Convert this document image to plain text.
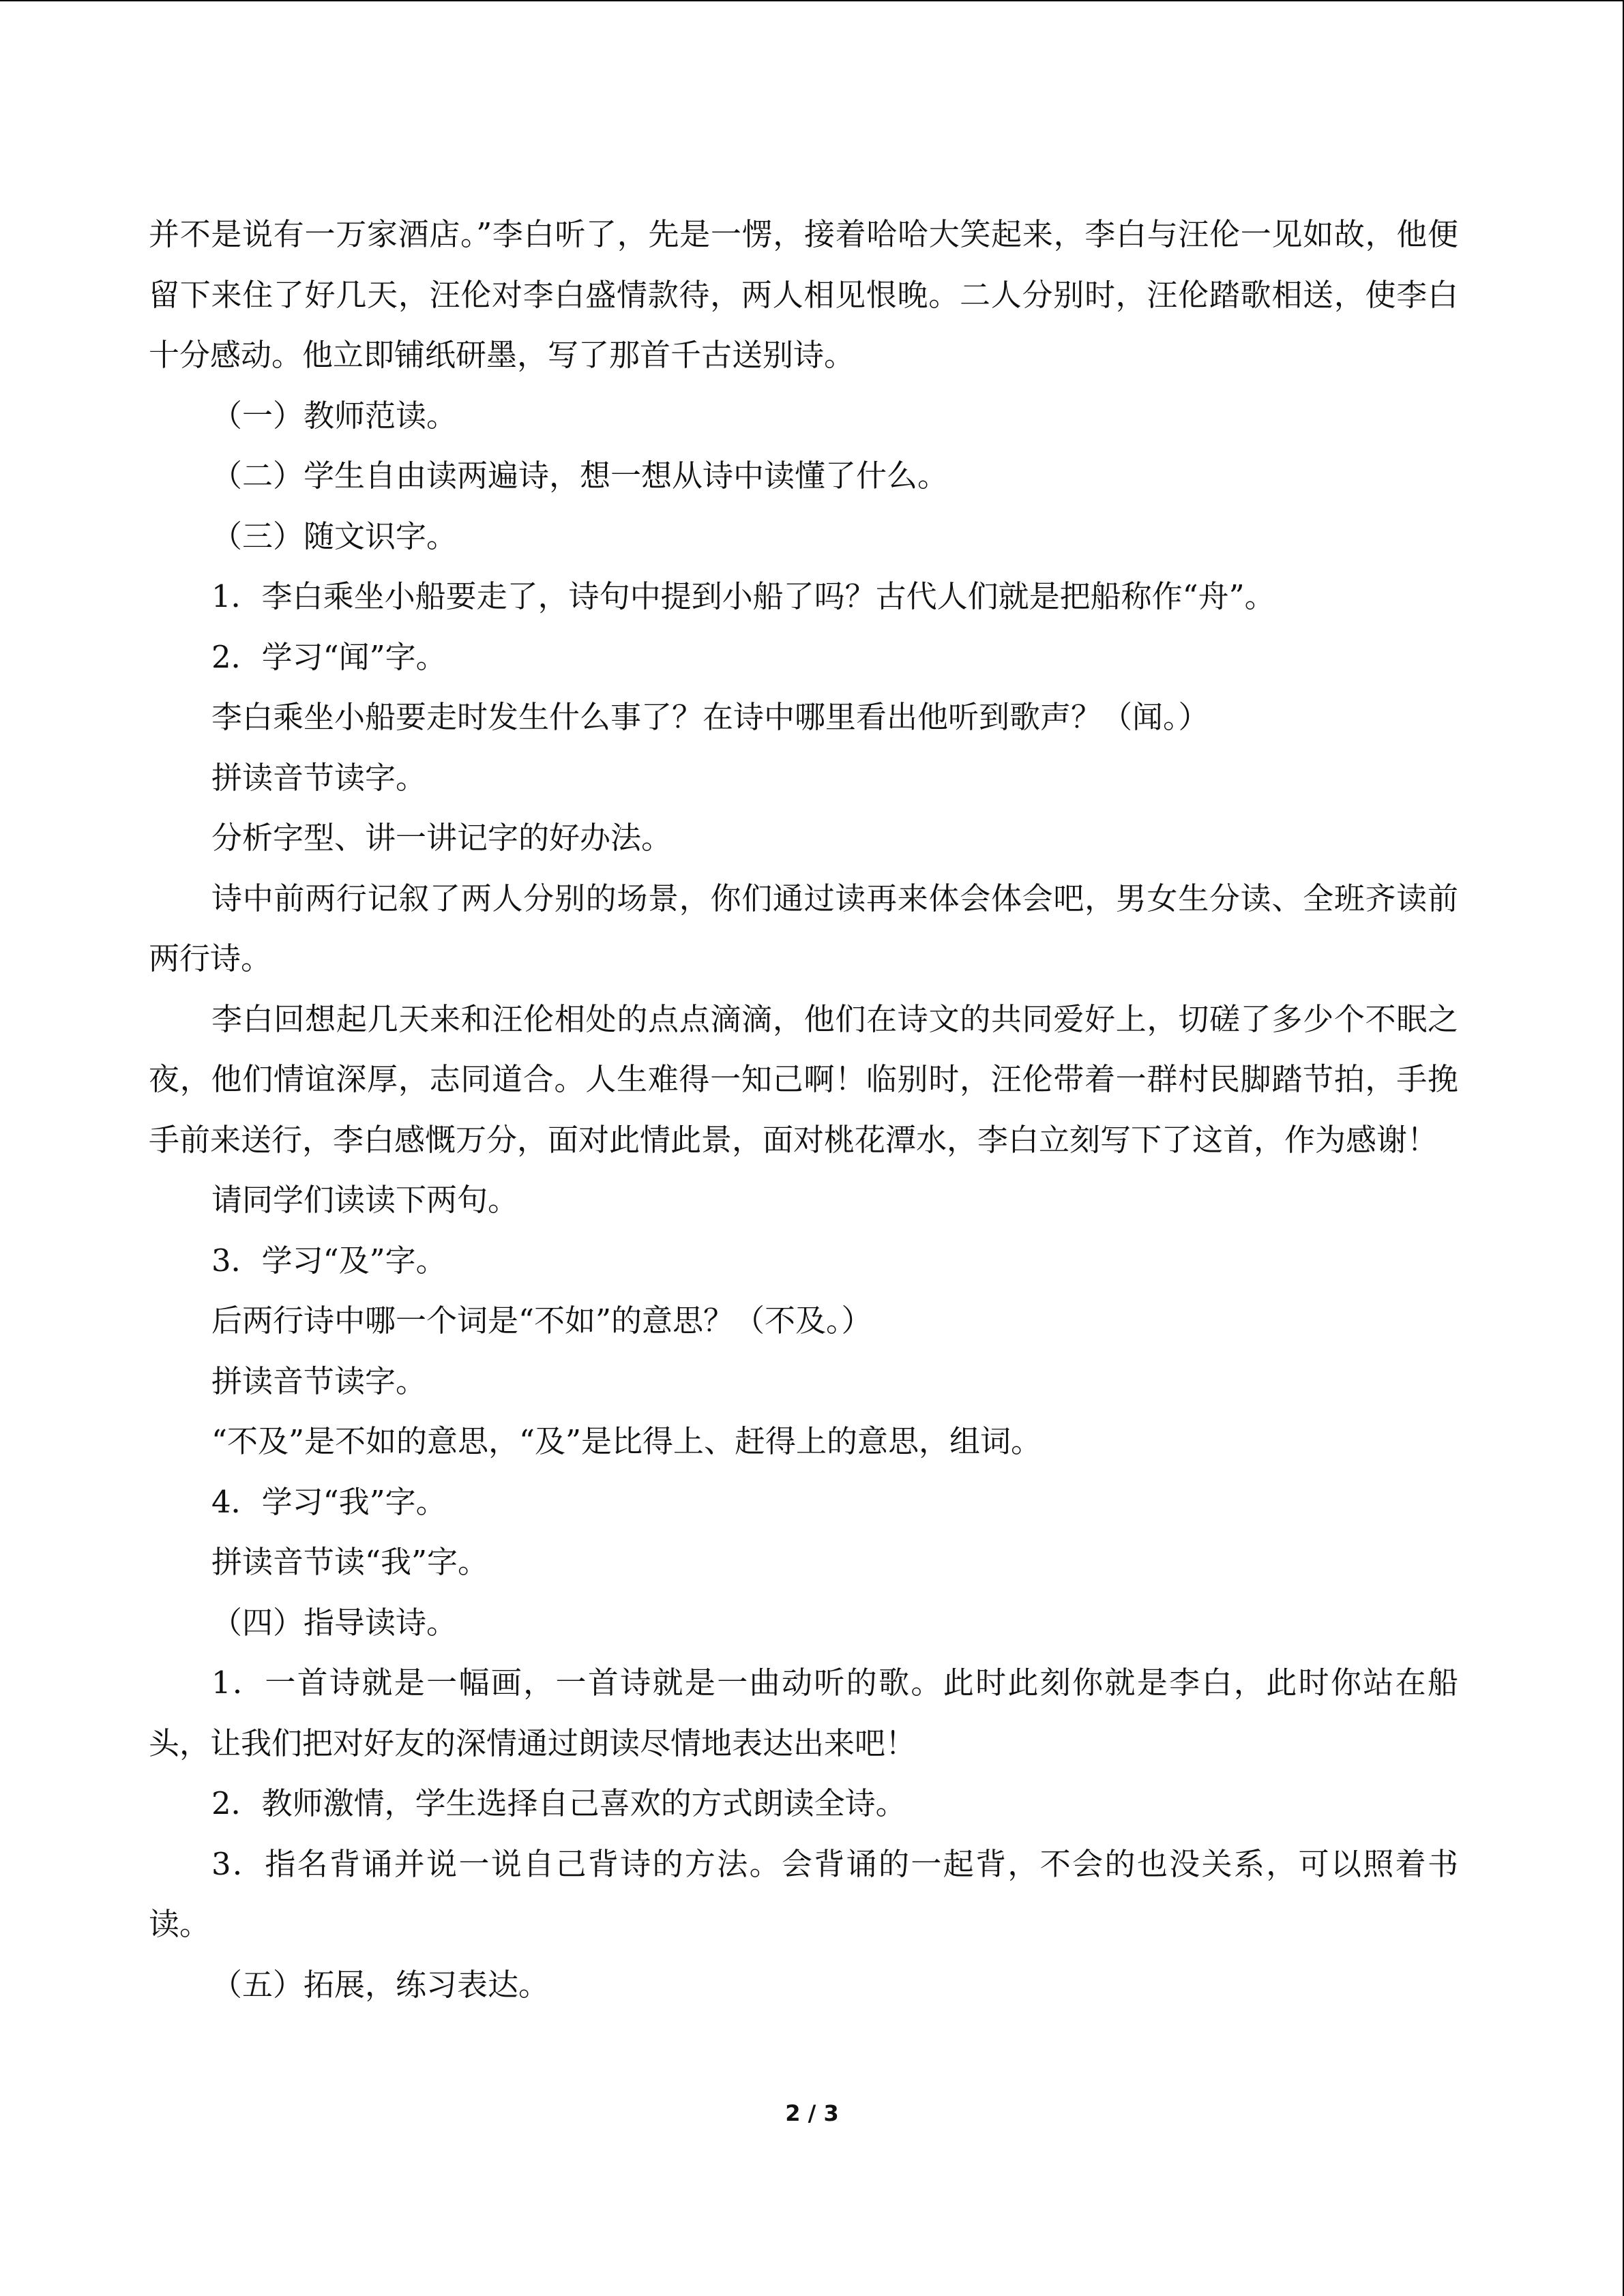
并不是说有一万家酒店。”李白听了，先是一愣，接着哈哈大笑起来，李白与汪伦一见如故，他便留下来住了好几天，汪伦对李白盛情款待，两人相见恨晚。二人分别时，汪伦踏歌相送，使李白十分感动。他立即铺纸研墨，写了那首千古送别诗。

（一）教师范读。

（二）学生自由读两遍诗，想一想从诗中读懂了什么。

（三）随文识字。

1．李白乘坐小船要走了，诗句中提到小船了吗？古代人们就是把船称作“舟”。

2．学习“闻”字。

李白乘坐小船要走时发生什么事了？在诗中哪里看出他听到歌声？（闻。）

拼读音节读字。

分析字型、讲一讲记字的好办法。

诗中前两行记叙了两人分别的场景，你们通过读再来体会体会吧，男女生分读、全班齐读前两行诗。

李白回想起几天来和汪伦相处的点点滴滴，他们在诗文的共同爱好上，切磋了多少个不眠之夜，他们情谊深厚，志同道合。人生难得一知己啊！临别时，汪伦带着一群村民脚踏节拍，手挽手前来送行，李白感慨万分，面对此情此景，面对桃花潭水，李白立刻写下了这首，作为感谢！

请同学们读读下两句。

3．学习“及”字。

后两行诗中哪一个词是“不如”的意思？（不及。）

拼读音节读字。

“不及”是不如的意思，“及”是比得上、赶得上的意思，组词。

4．学习“我”字。

拼读音节读“我”字。

（四）指导读诗。

1．一首诗就是一幅画，一首诗就是一曲动听的歌。此时此刻你就是李白，此时你站在船头，让我们把对好友的深情通过朗读尽情地表达出来吧！

2．教师激情，学生选择自己喜欢的方式朗读全诗。

3．指名背诵并说一说自己背诗的方法。会背诵的一起背，不会的也没关系，可以照着书读。

（五）拓展，练习表达。

2 / 3
